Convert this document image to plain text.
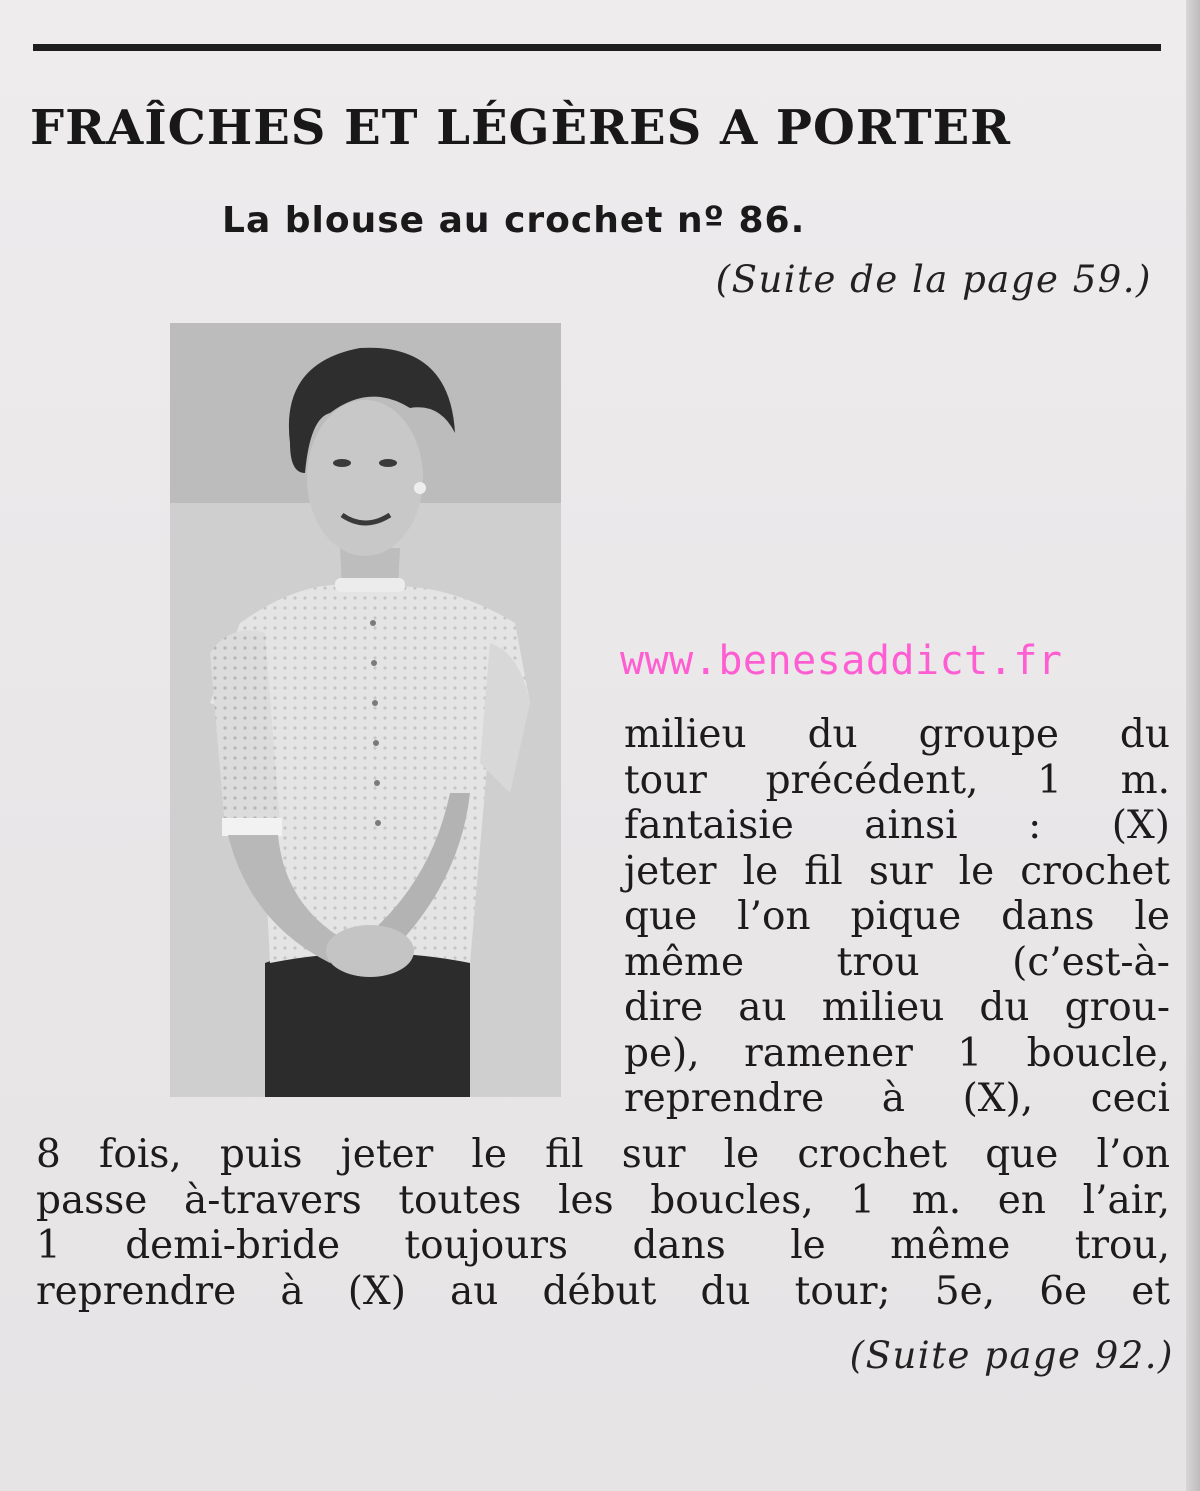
FRAÎCHES ET LÉGÈRES A PORTER
La blouse au crochet nº 86.
(Suite de la page 59.)
www.benesaddict.fr
milieu du groupe du
tour précédent, 1 m.
fantaisie ainsi : (X)
jeter le fil sur le crochet
que l’on pique dans le
même trou (c’est-à-
dire au milieu du grou-
pe), ramener 1 boucle,
reprendre à (X), ceci
8 fois, puis jeter le fil sur le crochet que l’on
passe à-travers toutes les boucles, 1 m. en l’air,
1 demi-bride toujours dans le même trou,
reprendre à (X) au début du tour; 5e, 6e et
(Suite page 92.)
